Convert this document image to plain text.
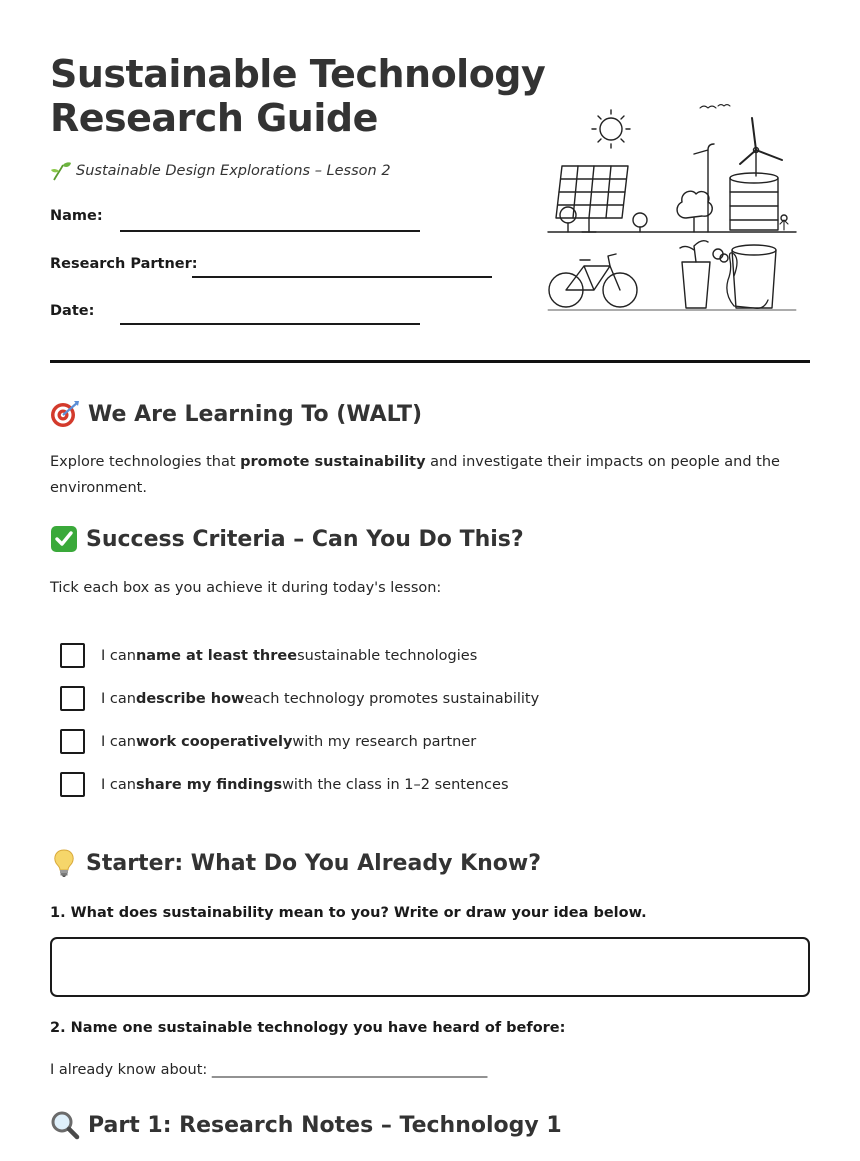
Sustainable Technology
Research Guide
Sustainable Design Explorations – Lesson 2
Name:
Research Partner:
Date:
We Are Learning To (WALT)
Explore technologies that promote sustainability and investigate their impacts on people and the environment.
Success Criteria – Can You Do This?
Tick each box as you achieve it during today's lesson:
I can name at least three sustainable technologies
I can describe how each technology promotes sustainability
I can work cooperatively with my research partner
I can share my findings with the class in 1–2 sentences
Starter: What Do You Already Know?
1. What does sustainability mean to you? Write or draw your idea below.
2. Name one sustainable technology you have heard of before:
I already know about: ______________________________________
Part 1: Research Notes – Technology 1
